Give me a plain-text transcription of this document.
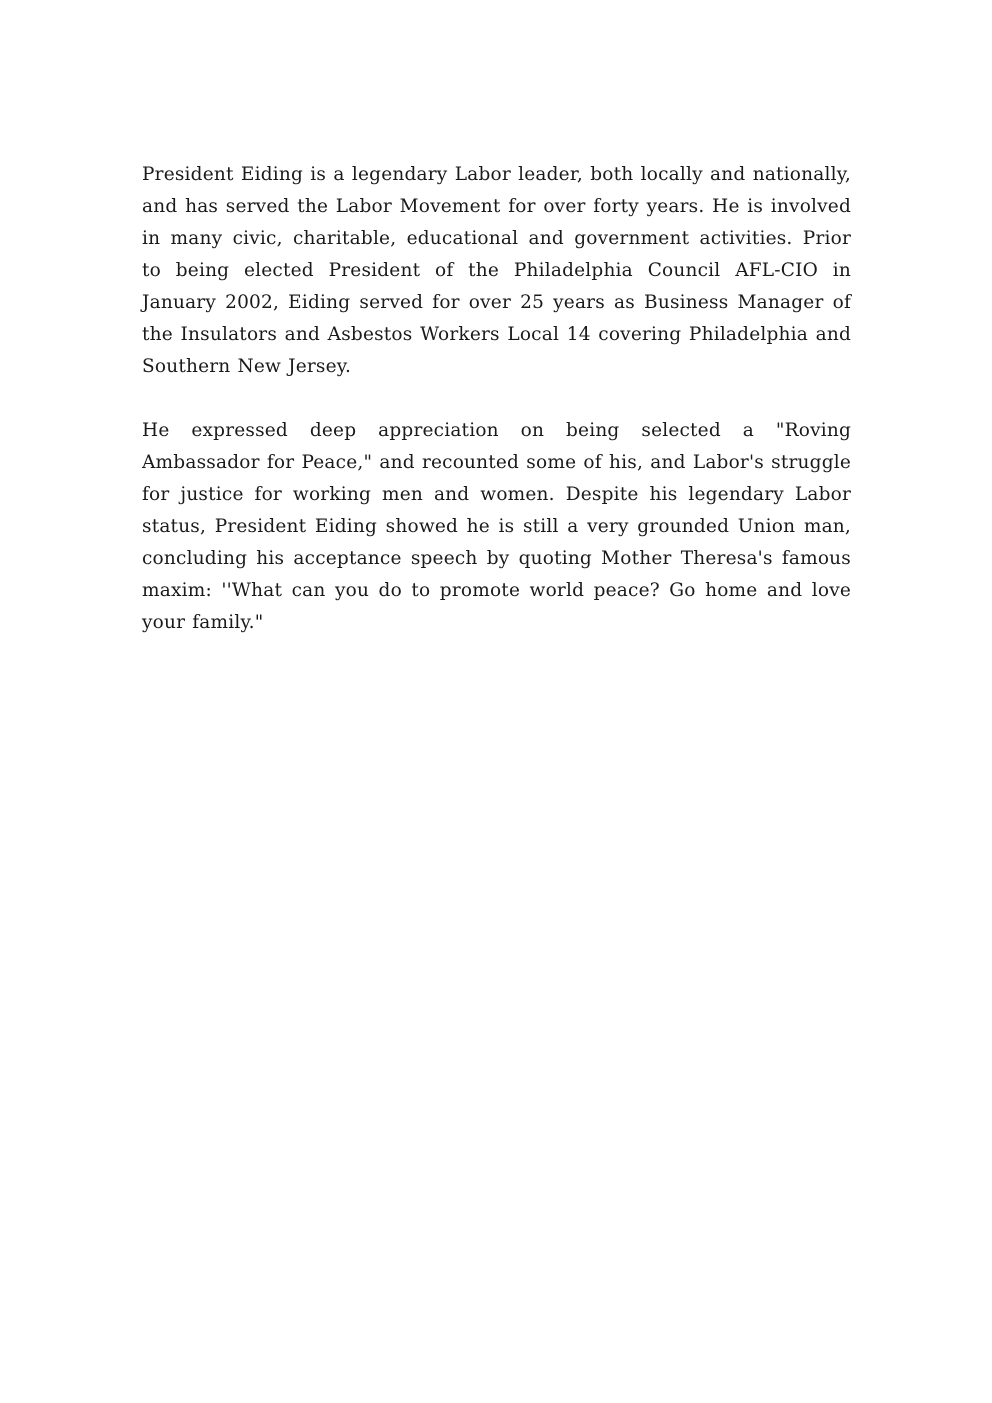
President Eiding is a legendary Labor leader, both locally and nationally, and has served the Labor Movement for over forty years. He is involved in many civic, charitable, educational and government activities. Prior to being elected President of the Philadelphia Council AFL-CIO in January 2002, Eiding served for over 25 years as Business Manager of the Insulators and Asbestos Workers Local 14 covering Philadelphia and Southern New Jersey.

He expressed deep appreciation on being selected a "Roving Ambassador for Peace," and recounted some of his, and Labor's struggle for justice for working men and women. Despite his legendary Labor status, President Eiding showed he is still a very grounded Union man, concluding his acceptance speech by quoting Mother Theresa's famous maxim: ''What can you do to promote world peace? Go home and love your family."
